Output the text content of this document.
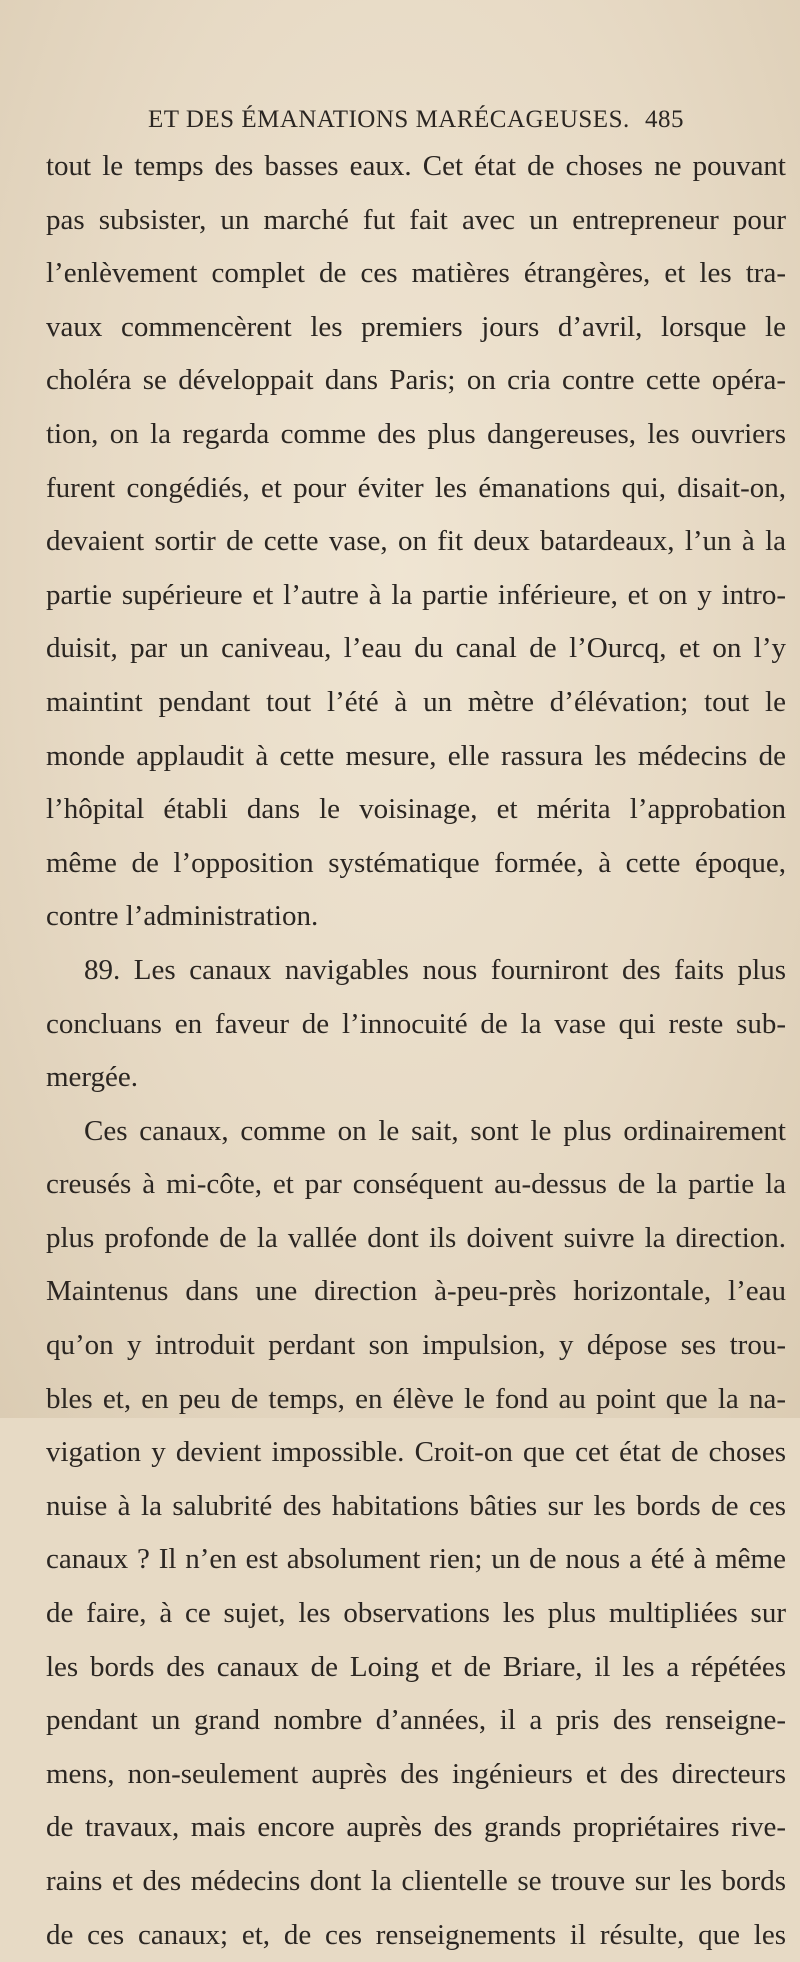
ET DES ÉMANATIONS MARÉCAGEUSES. 485
tout le temps des basses eaux. Cet état de choses ne pouvant
pas subsister, un marché fut fait avec un entrepreneur pour
l’enlèvement complet de ces matières étrangères, et les tra-
vaux commencèrent les premiers jours d’avril, lorsque le
choléra se développait dans Paris; on cria contre cette opéra-
tion, on la regarda comme des plus dangereuses, les ouvriers
furent congédiés, et pour éviter les émanations qui, disait-on,
devaient sortir de cette vase, on fit deux batardeaux, l’un à la
partie supérieure et l’autre à la partie inférieure, et on y intro-
duisit, par un caniveau, l’eau du canal de l’Ourcq, et on l’y
maintint pendant tout l’été à un mètre d’élévation; tout le
monde applaudit à cette mesure, elle rassura les médecins de
l’hôpital établi dans le voisinage, et mérita l’approbation
même de l’opposition systématique formée, à cette époque,
contre l’administration.
89. Les canaux navigables nous fourniront des faits plus
concluans en faveur de l’innocuité de la vase qui reste sub-
mergée.
Ces canaux, comme on le sait, sont le plus ordinairement
creusés à mi-côte, et par conséquent au-dessus de la partie la
plus profonde de la vallée dont ils doivent suivre la direction.
Maintenus dans une direction à-peu-près horizontale, l’eau
qu’on y introduit perdant son impulsion, y dépose ses trou-
bles et, en peu de temps, en élève le fond au point que la na-
vigation y devient impossible. Croit-on que cet état de choses
nuise à la salubrité des habitations bâties sur les bords de ces
canaux ? Il n’en est absolument rien; un de nous a été à même
de faire, à ce sujet, les observations les plus multipliées sur
les bords des canaux de Loing et de Briare, il les a répétées
pendant un grand nombre d’années, il a pris des renseigne-
mens, non-seulement auprès des ingénieurs et des directeurs
de travaux, mais encore auprès des grands propriétaires rive-
rains et des médecins dont la clientelle se trouve sur les bords
de ces canaux; et, de ces renseignements il résulte, que les
